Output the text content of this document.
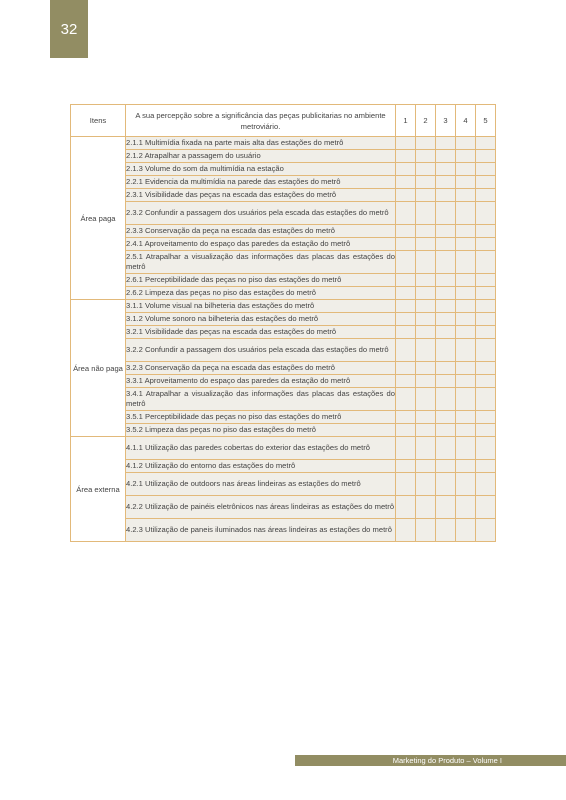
32
Itens	A sua percepção sobre a significância das peças publicitarias no ambiente metroviário.	1	2	3	4	5
Área paga	2.1.1 Multimídia fixada na parte mais alta das estações do metrô					
	2.1.2 Atrapalhar a passagem do usuário					
	2.1.3 Volume do som da multimídia na estação					
	2.2.1 Evidencia da multimídia na parede das estações do metrô					
	2.3.1 Visibilidade das peças na escada das estações do metrô					
	2.3.2 Confundir a passagem dos usuários pela escada das estações do metrô					
	2.3.3 Conservação da peça na escada das estações do metrô					
	2.4.1 Aproveitamento do espaço das paredes da estação do metrô					
	2.5.1 Atrapalhar a visualização das informações das placas das estações do metrô					
	2.6.1 Perceptibilidade das peças no piso das estações do metrô					
	2.6.2 Limpeza das peças no piso das estações do metrô					
Área não paga	3.1.1 Volume visual na bilheteria das estações do metrô					
	3.1.2 Volume sonoro na bilheteria das estações do metrô					
	3.2.1 Visibilidade das peças na escada das estações do metrô					
	3.2.2 Confundir a passagem dos usuários pela escada das estações do metrô					
	3.2.3 Conservação da peça na escada das estações do metrô					
	3.3.1 Aproveitamento do espaço das paredes da estação do metrô					
	3.4.1 Atrapalhar a visualização das informações das placas das estações do metrô					
	3.5.1 Perceptibilidade das peças no piso das estações do metrô					
	3.5.2 Limpeza das peças no piso das estações do metrô					
Área externa	4.1.1 Utilização das paredes cobertas do exterior das estações do metrô					
	4.1.2 Utilização do entorno das estações do metrô					
	4.2.1 Utilização de outdoors nas áreas lindeiras as estações do metrô					
	4.2.2 Utilização de painéis eletrônicos nas áreas lindeiras as estações do metrô					
	4.2.3 Utilização de paneis iluminados nas áreas lindeiras as estações do metrô					
Marketing do Produto – Volume I
